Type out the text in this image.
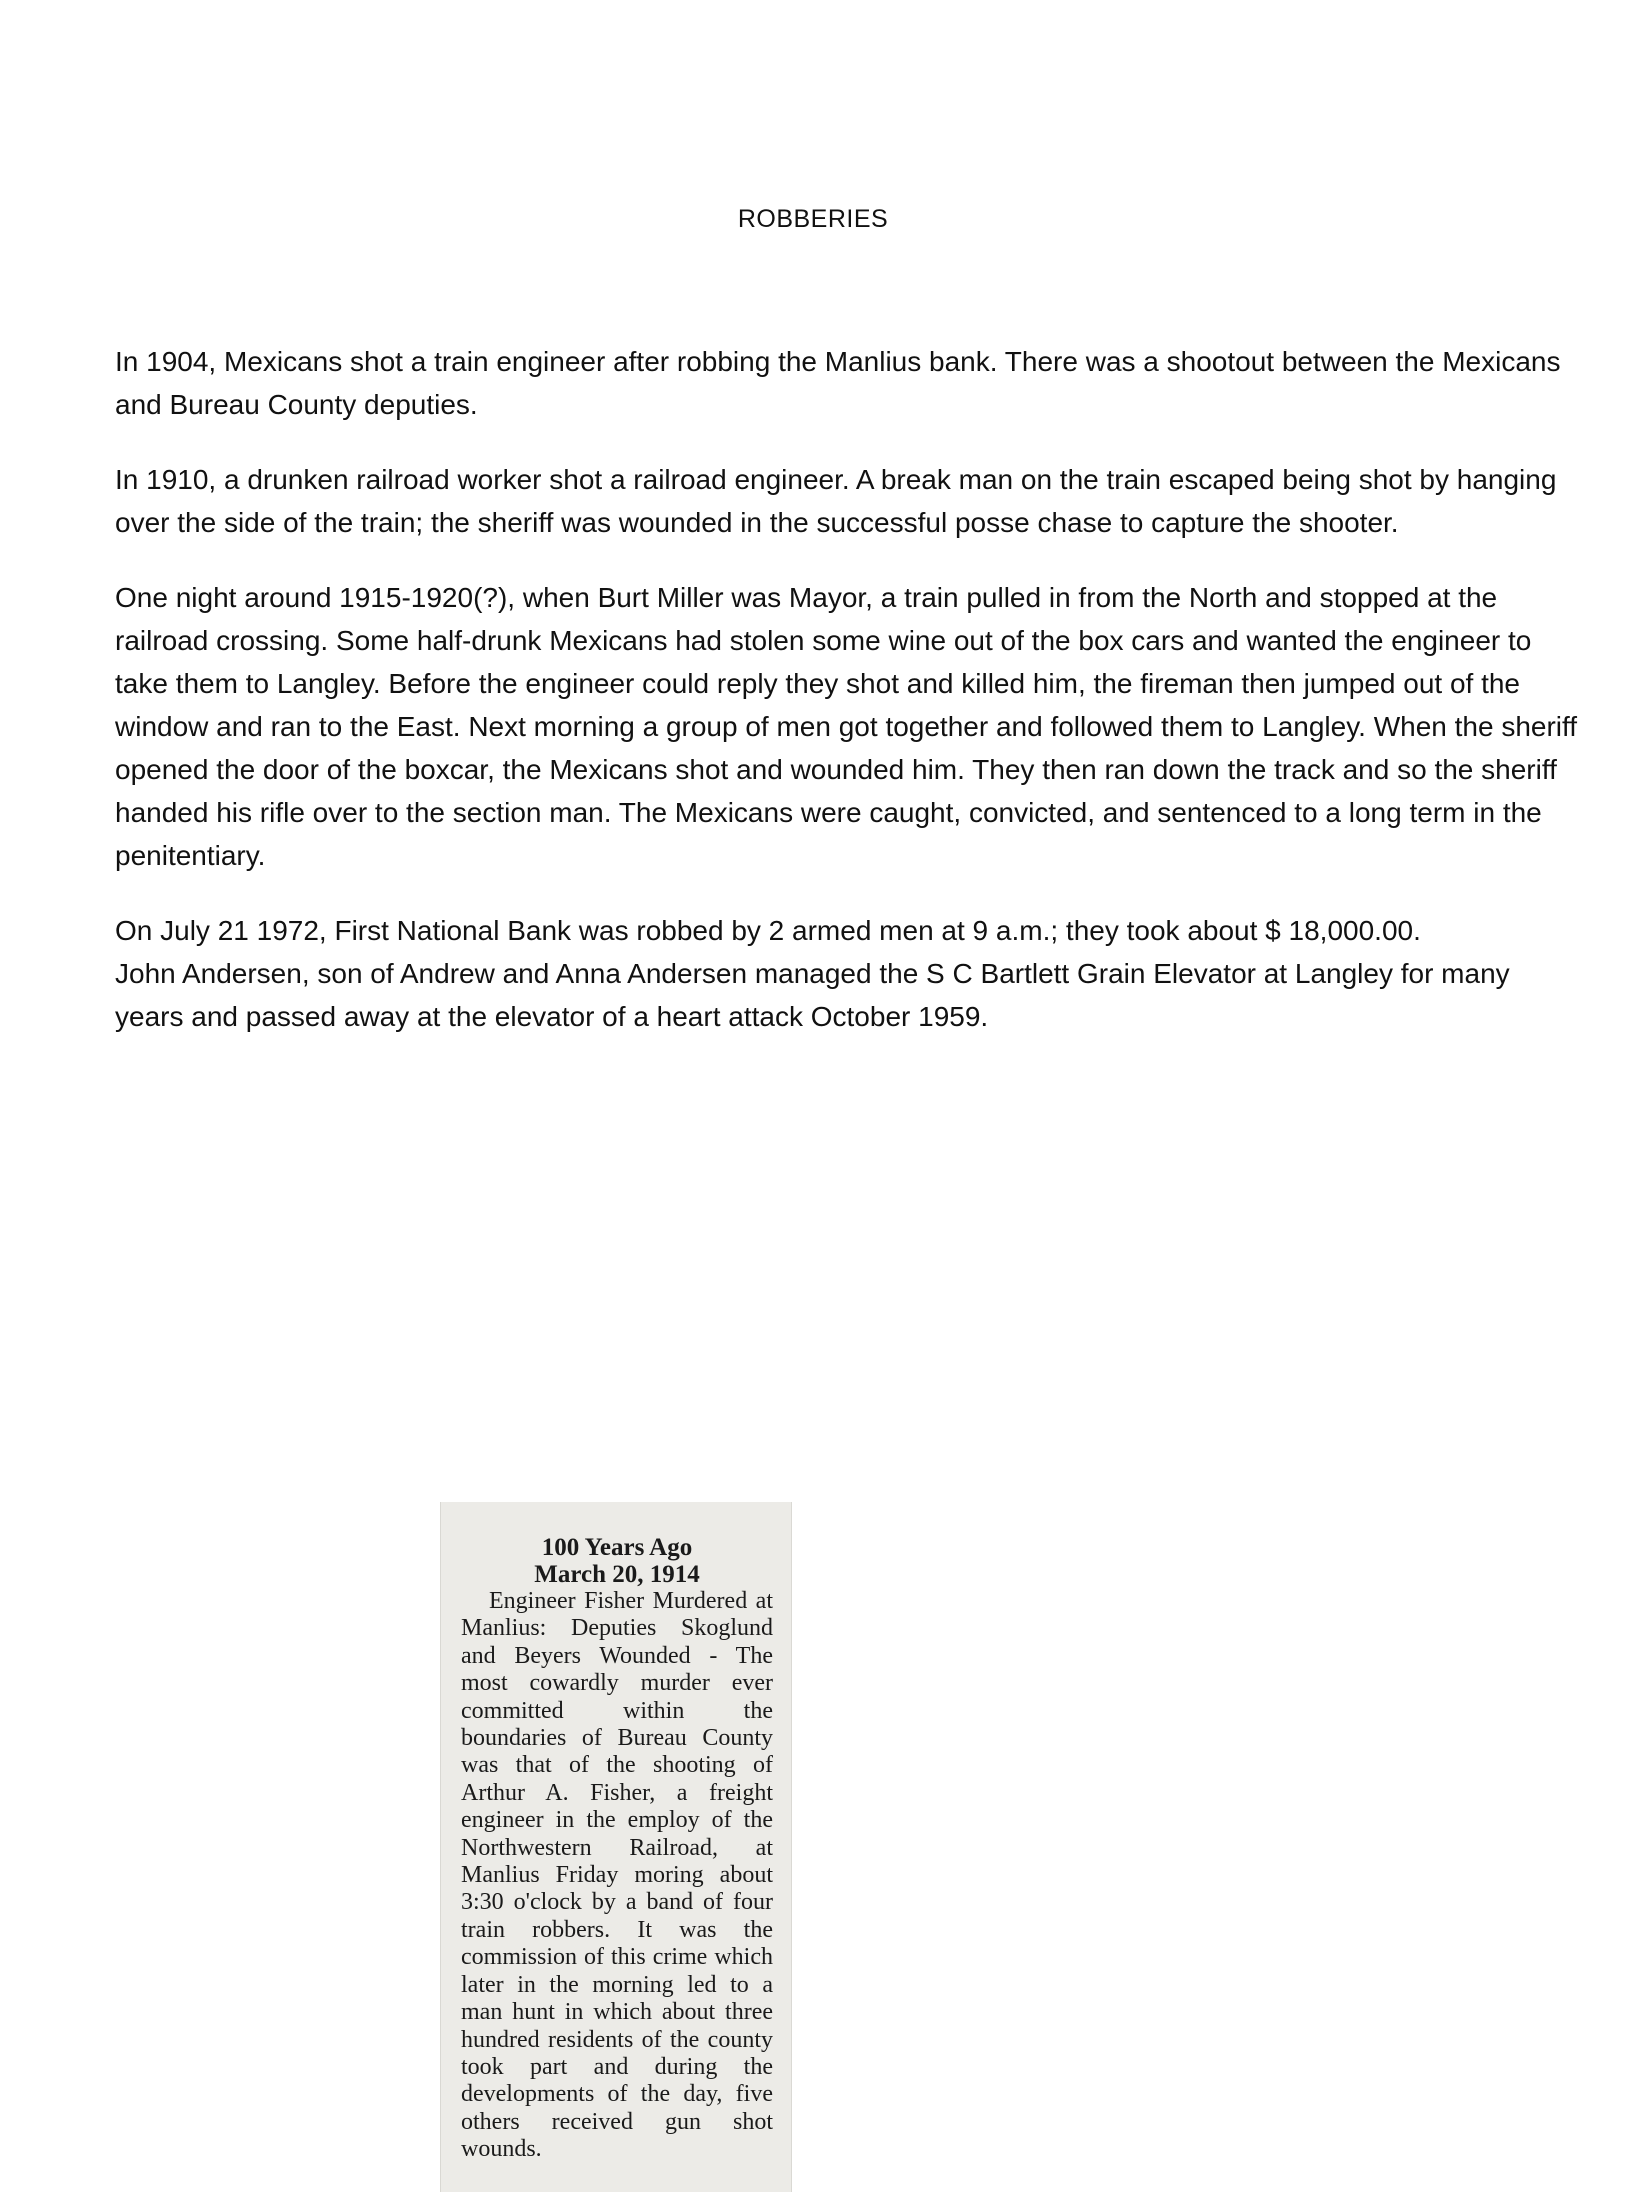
ROBBERIES

In 1904, Mexicans shot a train engineer after robbing the Manlius bank. There was a shootout between the Mexicans and Bureau County deputies.

In 1910, a drunken railroad worker shot a railroad engineer. A break man on the train escaped being shot by hanging over the side of the train; the sheriff was wounded in the successful posse chase to capture the shooter.

One night around 1915-1920(?), when Burt Miller was Mayor, a train pulled in from the North and stopped at the railroad crossing. Some half-drunk Mexicans had stolen some wine out of the box cars and wanted the engineer to take them to Langley. Before the engineer could reply they shot and killed him, the fireman then jumped out of the window and ran to the East. Next morning a group of men got together and followed them to Langley. When the sheriff opened the door of the boxcar, the Mexicans shot and wounded him. They then ran down the track and so the sheriff handed his rifle over to the section man. The Mexicans were caught, convicted, and sentenced to a long term in the penitentiary.

On July 21 1972, First National Bank was robbed by 2 armed men at 9 a.m.; they took about $ 18,000.00.

John Andersen, son of Andrew and Anna Andersen managed the S C Bartlett Grain Elevator at Langley for many years and passed away at the elevator of a heart attack October 1959.

100 Years Ago
March 20, 1914
Engineer Fisher Murdered at Manlius: Deputies Skoglund and Beyers Wounded - The most cowardly murder ever committed within the boundaries of Bureau County was that of the shooting of Arthur A. Fisher, a freight engineer in the employ of the Northwestern Railroad, at Manlius Friday moring about 3:30 o'clock by a band of four train robbers. It was the commission of this crime which later in the morning led to a man hunt in which about three hundred residents of the county took part and during the developments of the day, five others received gun shot wounds.
